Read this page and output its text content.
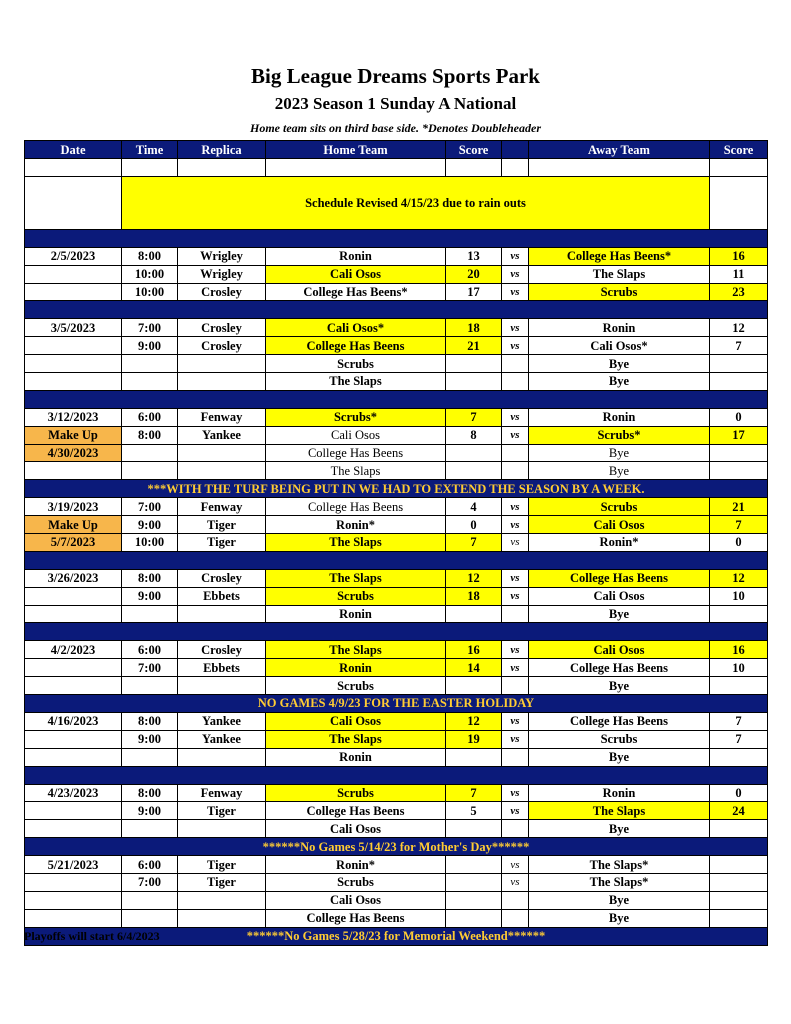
Big League Dreams Sports Park
2023 Season 1 Sunday A National
Home team sits on third base side. *Denotes Doubleheader
Date	Time	Replica	Home Team	Score		Away Team	Score

	Schedule Revised 4/15/23 due to rain outs						

2/5/2023	8:00	Wrigley	Ronin	13	vs	College Has Beens*	16
	10:00	Wrigley	Cali Osos	20	vs	The Slaps	11
	10:00	Crosley	College Has Beens*	17	vs	Scrubs	23

3/5/2023	7:00	Crosley	Cali Osos*	18	vs	Ronin	12
	9:00	Crosley	College Has Beens	21	vs	Cali Osos*	7
			Scrubs			Bye	
			The Slaps			Bye	

3/12/2023	6:00	Fenway	Scrubs*	7	vs	Ronin	0
Make Up	8:00	Yankee	Cali Osos	8	vs	Scrubs*	17
4/30/2023			College Has Beens			Bye	
			The Slaps			Bye	
***WITH THE TURF BEING PUT IN WE HAD TO EXTEND THE SEASON BY A WEEK.							
3/19/2023	7:00	Fenway	College Has Beens	4	vs	Scrubs	21
Make Up	9:00	Tiger	Ronin*	0	vs	Cali Osos	7
5/7/2023	10:00	Tiger	The Slaps	7	vs	Ronin*	0

3/26/2023	8:00	Crosley	The Slaps	12	vs	College Has Beens	12
	9:00	Ebbets	Scrubs	18	vs	Cali Osos	10
			Ronin			Bye	

4/2/2023	6:00	Crosley	The Slaps	16	vs	Cali Osos	16
	7:00	Ebbets	Ronin	14	vs	College Has Beens	10
			Scrubs			Bye	
NO GAMES 4/9/23 FOR THE EASTER HOLIDAY							
4/16/2023	8:00	Yankee	Cali Osos	12	vs	College Has Beens	7
	9:00	Yankee	The Slaps	19	vs	Scrubs	7
			Ronin			Bye	

4/23/2023	8:00	Fenway	Scrubs	7	vs	Ronin	0
	9:00	Tiger	College Has Beens	5	vs	The Slaps	24
			Cali Osos			Bye	
******No Games 5/14/23 for Mother's Day******							
5/21/2023	6:00	Tiger	Ronin*		vs	The Slaps*	
	7:00	Tiger	Scrubs		vs	The Slaps*	
			Cali Osos			Bye	
			College Has Beens			Bye	
******No Games 5/28/23 for Memorial Weekend******							
Playoffs will start 6/4/2023
